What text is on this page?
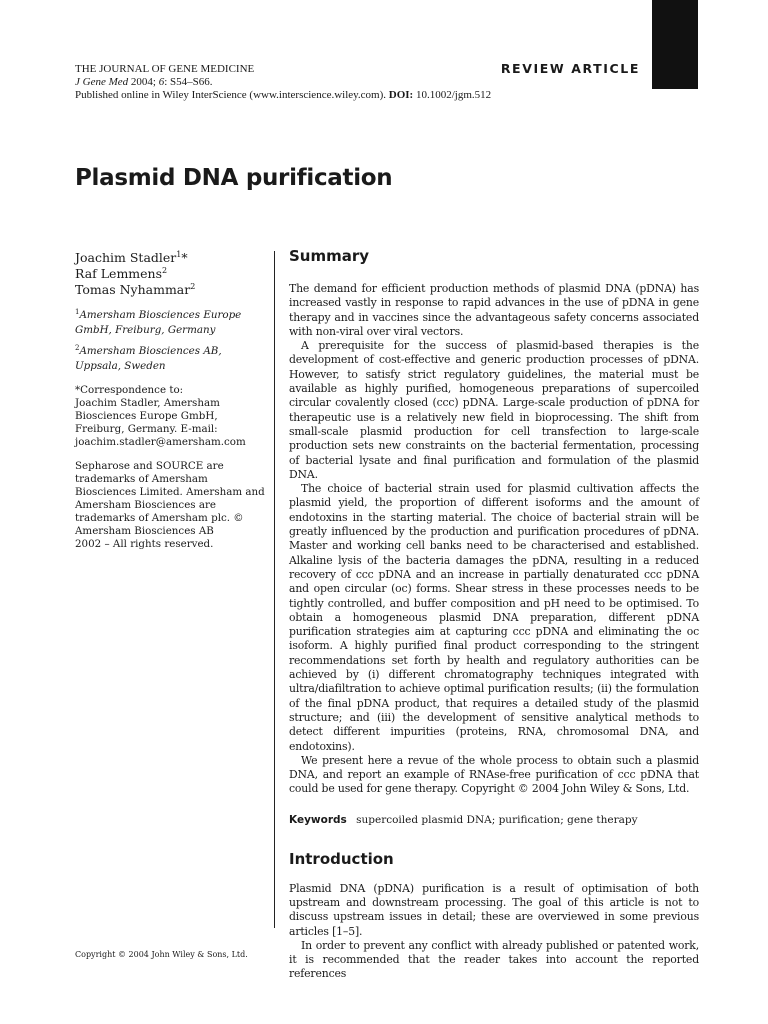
THE JOURNAL OF GENE MEDICINE
J Gene Med 2004; 6: S54–S66.
Published online in Wiley InterScience (www.interscience.wiley.com). DOI: 10.1002/jgm.512
REVIEW ARTICLE
Plasmid DNA purification
Joachim Stadler$^1$*
Raf Lemmens$^2$
Tomas Nyhammar$^2$

$^1$Amersham Biosciences Europe GmbH, Freiburg, Germany

$^2$Amersham Biosciences AB, Uppsala, Sweden

*Correspondence to:
Joachim Stadler, Amersham
Biosciences Europe GmbH,
Freiburg, Germany. E-mail:
joachim.stadler@amersham.com
Sepharose and SOURCE are
trademarks of Amersham
Biosciences Limited. Amersham and
Amersham Biosciences are
trademarks of Amersham plc. ©
Amersham Biosciences AB
2002 – All rights reserved.
Summary

The demand for efficient production methods of plasmid DNA (pDNA) has increased vastly in response to rapid advances in the use of pDNA in gene therapy and in vaccines since the advantageous safety concerns associated with non-viral over viral vectors.

A prerequisite for the success of plasmid-based therapies is the development of cost-effective and generic production processes of pDNA. However, to satisfy strict regulatory guidelines, the material must be available as highly purified, homogeneous preparations of supercoiled circular covalently closed (ccc) pDNA. Large-scale production of pDNA for therapeutic use is a relatively new field in bioprocessing. The shift from small-scale plasmid production for cell transfection to large-scale production sets new constraints on the bacterial fermentation, processing of bacterial lysate and final purification and formulation of the plasmid DNA.

The choice of bacterial strain used for plasmid cultivation affects the plasmid yield, the proportion of different isoforms and the amount of endotoxins in the starting material. The choice of bacterial strain will be greatly influenced by the production and purification procedures of pDNA. Master and working cell banks need to be characterised and established. Alkaline lysis of the bacteria damages the pDNA, resulting in a reduced recovery of ccc pDNA and an increase in partially denaturated ccc pDNA and open circular (oc) forms. Shear stress in these processes needs to be tightly controlled, and buffer composition and pH need to be optimised. To obtain a homogeneous plasmid DNA preparation, different pDNA purification strategies aim at capturing ccc pDNA and eliminating the oc isoform. A highly purified final product corresponding to the stringent recommendations set forth by health and regulatory authorities can be achieved by (i) different chromatography techniques integrated with ultra/diafiltration to achieve optimal purification results; (ii) the formulation of the final pDNA product, that requires a detailed study of the plasmid structure; and (iii) the development of sensitive analytical methods to detect different impurities (proteins, RNA, chromosomal DNA, and endotoxins).

We present here a revue of the whole process to obtain such a plasmid DNA, and report an example of RNAse-free purification of ccc pDNA that could be used for gene therapy. Copyright © 2004 John Wiley & Sons, Ltd.

Keywords supercoiled plasmid DNA; purification; gene therapy
Introduction

Plasmid DNA (pDNA) purification is a result of optimisation of both upstream and downstream processing. The goal of this article is not to discuss upstream issues in detail; these are overviewed in some previous articles [1–5].

In order to prevent any conflict with already published or patented work, it is recommended that the reader takes into account the reported references

Copyright © 2004 John Wiley & Sons, Ltd.
